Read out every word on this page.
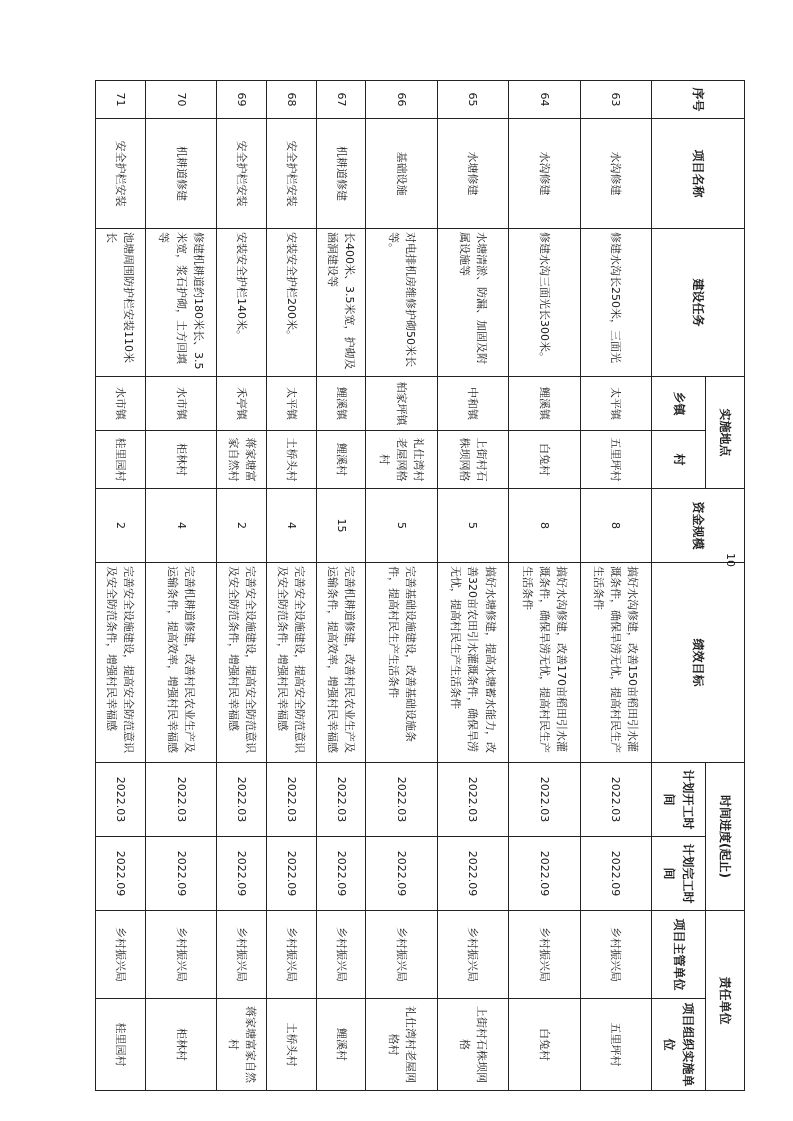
序号	项目名称	建设任务	实施地点		资金规模	绩效目标	时间进度(起止)		责任单位	
			乡镇	村			计划开工时间	计划完工时间	项目主管单位	项目组织实施单位
63	水沟修建	修建水沟长250米，三面光	太平镇	五里坪村	8	搞好水沟修建，改善150亩稻田引水灌溉条件，确保旱涝无忧，提高村民生产生活条件	2022.03	2022.09	乡村振兴局	五里坪村
64	水沟修建	修建水沟三面光长300米。	鲤溪镇	白兔村	8	搞好水沟修建，改善170亩稻田引水灌溉条件，确保旱涝无忧，提高村民生产生活条件	2022.03	2022.09	乡村振兴局	白兔村
65	水塘修建	水塘清淤、防漏、加固及附属设施等	中和镇	上街村石株坝网格	5	搞好水塘修建，提高水塘蓄水能力，改善320亩农田引水灌溉条件，确保旱涝无忧，提高村民生产生活条件	2022.03	2022.09	乡村振兴局	上街村石株坝网格
66	基础设施	对电排机房维修护砌50米长等。	柏家坪镇	礼仕湾村老屋网格村	5	完善基础设施建设，改善基础设施条件，提高村民生产生活条件	2022.03	2022.09	乡村振兴局	礼仕湾村老屋网格村
67	机耕道修建	长400米、3.5米宽，护砌及涵洞建设等	鲤溪镇	鲤溪村	15	完善机耕道修建，改善村民农业生产及运输条件，提高效率，增强村民幸福感	2022.03	2022.09	乡村振兴局	鲤溪村
68	安全护栏安装	安装安全护栏200米。	太平镇	土桥头村	4	完善安全设施建设，提高安全防范意识及安全防范条件，增强村民幸福感	2022.03	2022.09	乡村振兴局	土桥头村
69	安全护栏安装	安装安全护栏140米。	禾亭镇	蒋家塘富家自然村	2	完善安全设施建设，提高安全防范意识及安全防范条件，增强村民幸福感	2022.03	2022.09	乡村振兴局	蒋家塘富家自然村
70	机耕道修建	修建机耕道约180米长、3.5米宽，浆石护砌，土方回填等	水市镇	柜林村	4	完善机耕道修建，改善村民农业生产及运输条件，提高效率，增强村民幸福感	2022.03	2022.09	乡村振兴局	柜林村
71	安全护栏安装	池塘周围防护栏安装110米长	水市镇	桂里园村	2	完善安全设施建设，提高安全防范意识及安全防范条件，增强村民幸福感	2022.03	2022.09	乡村振兴局	桂里园村
10
